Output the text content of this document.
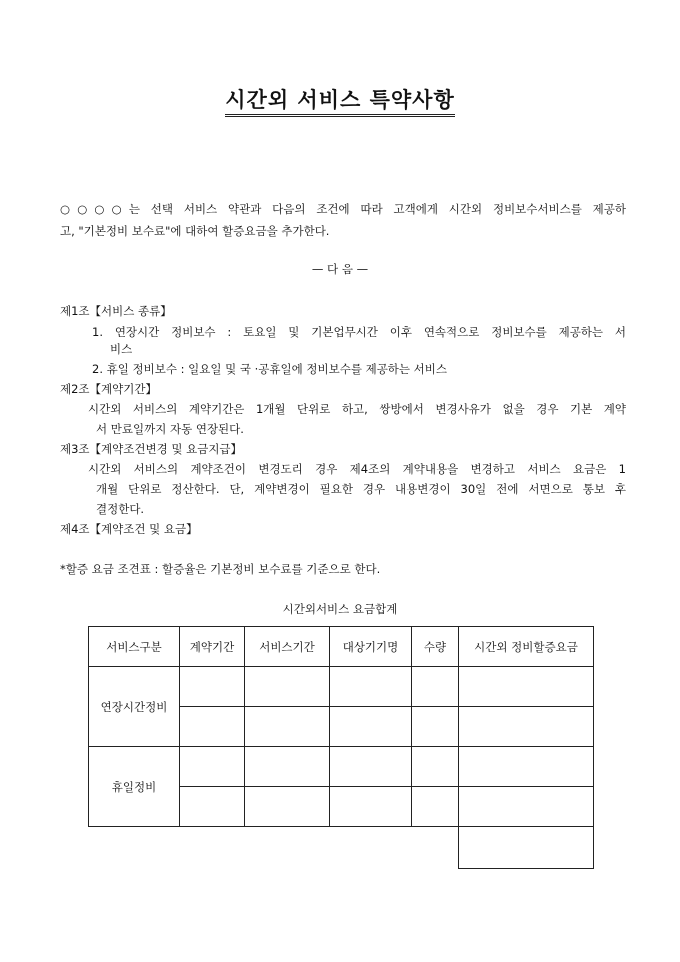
시간외 서비스 특약사항
○○○○는 선택 서비스 약관과 다음의 조건에 따라 고객에게 시간외 정비보수서비스를 제공하
고, "기본정비 보수료"에 대하여 할증요금을 추가한다.
— 다 음 —
제1조【서비스 종류】
1. 연장시간 정비보수 : 토요일 및 기본업무시간 이후 연속적으로 정비보수를 제공하는 서
비스
2. 휴일 정비보수 : 일요일 및 국 ·공휴일에 정비보수를 제공하는 서비스
제2조【계약기간】
시간외 서비스의 계약기간은 1개월 단위로 하고, 쌍방에서 변경사유가 없을 경우 기본 계약
서 만료일까지 자동 연장된다.
제3조【계약조건변경 및 요금지급】
시간외 서비스의 계약조건이 변경도리 경우 제4조의 계약내용을 변경하고 서비스 요금은 1
개월 단위로 정산한다. 단, 계약변경이 필요한 경우 내용변경이 30일 전에 서면으로 통보 후
결정한다.
제4조【계약조건 및 요금】
*할증 요금 조견표 : 할증율은 기본정비 보수료를 기준으로 한다.
시간외서비스 요금합계
서비스구분	계약기간	서비스기간	대상기기명	수량	시간외 정비할증요금
연장시간정비					

휴일정비					
